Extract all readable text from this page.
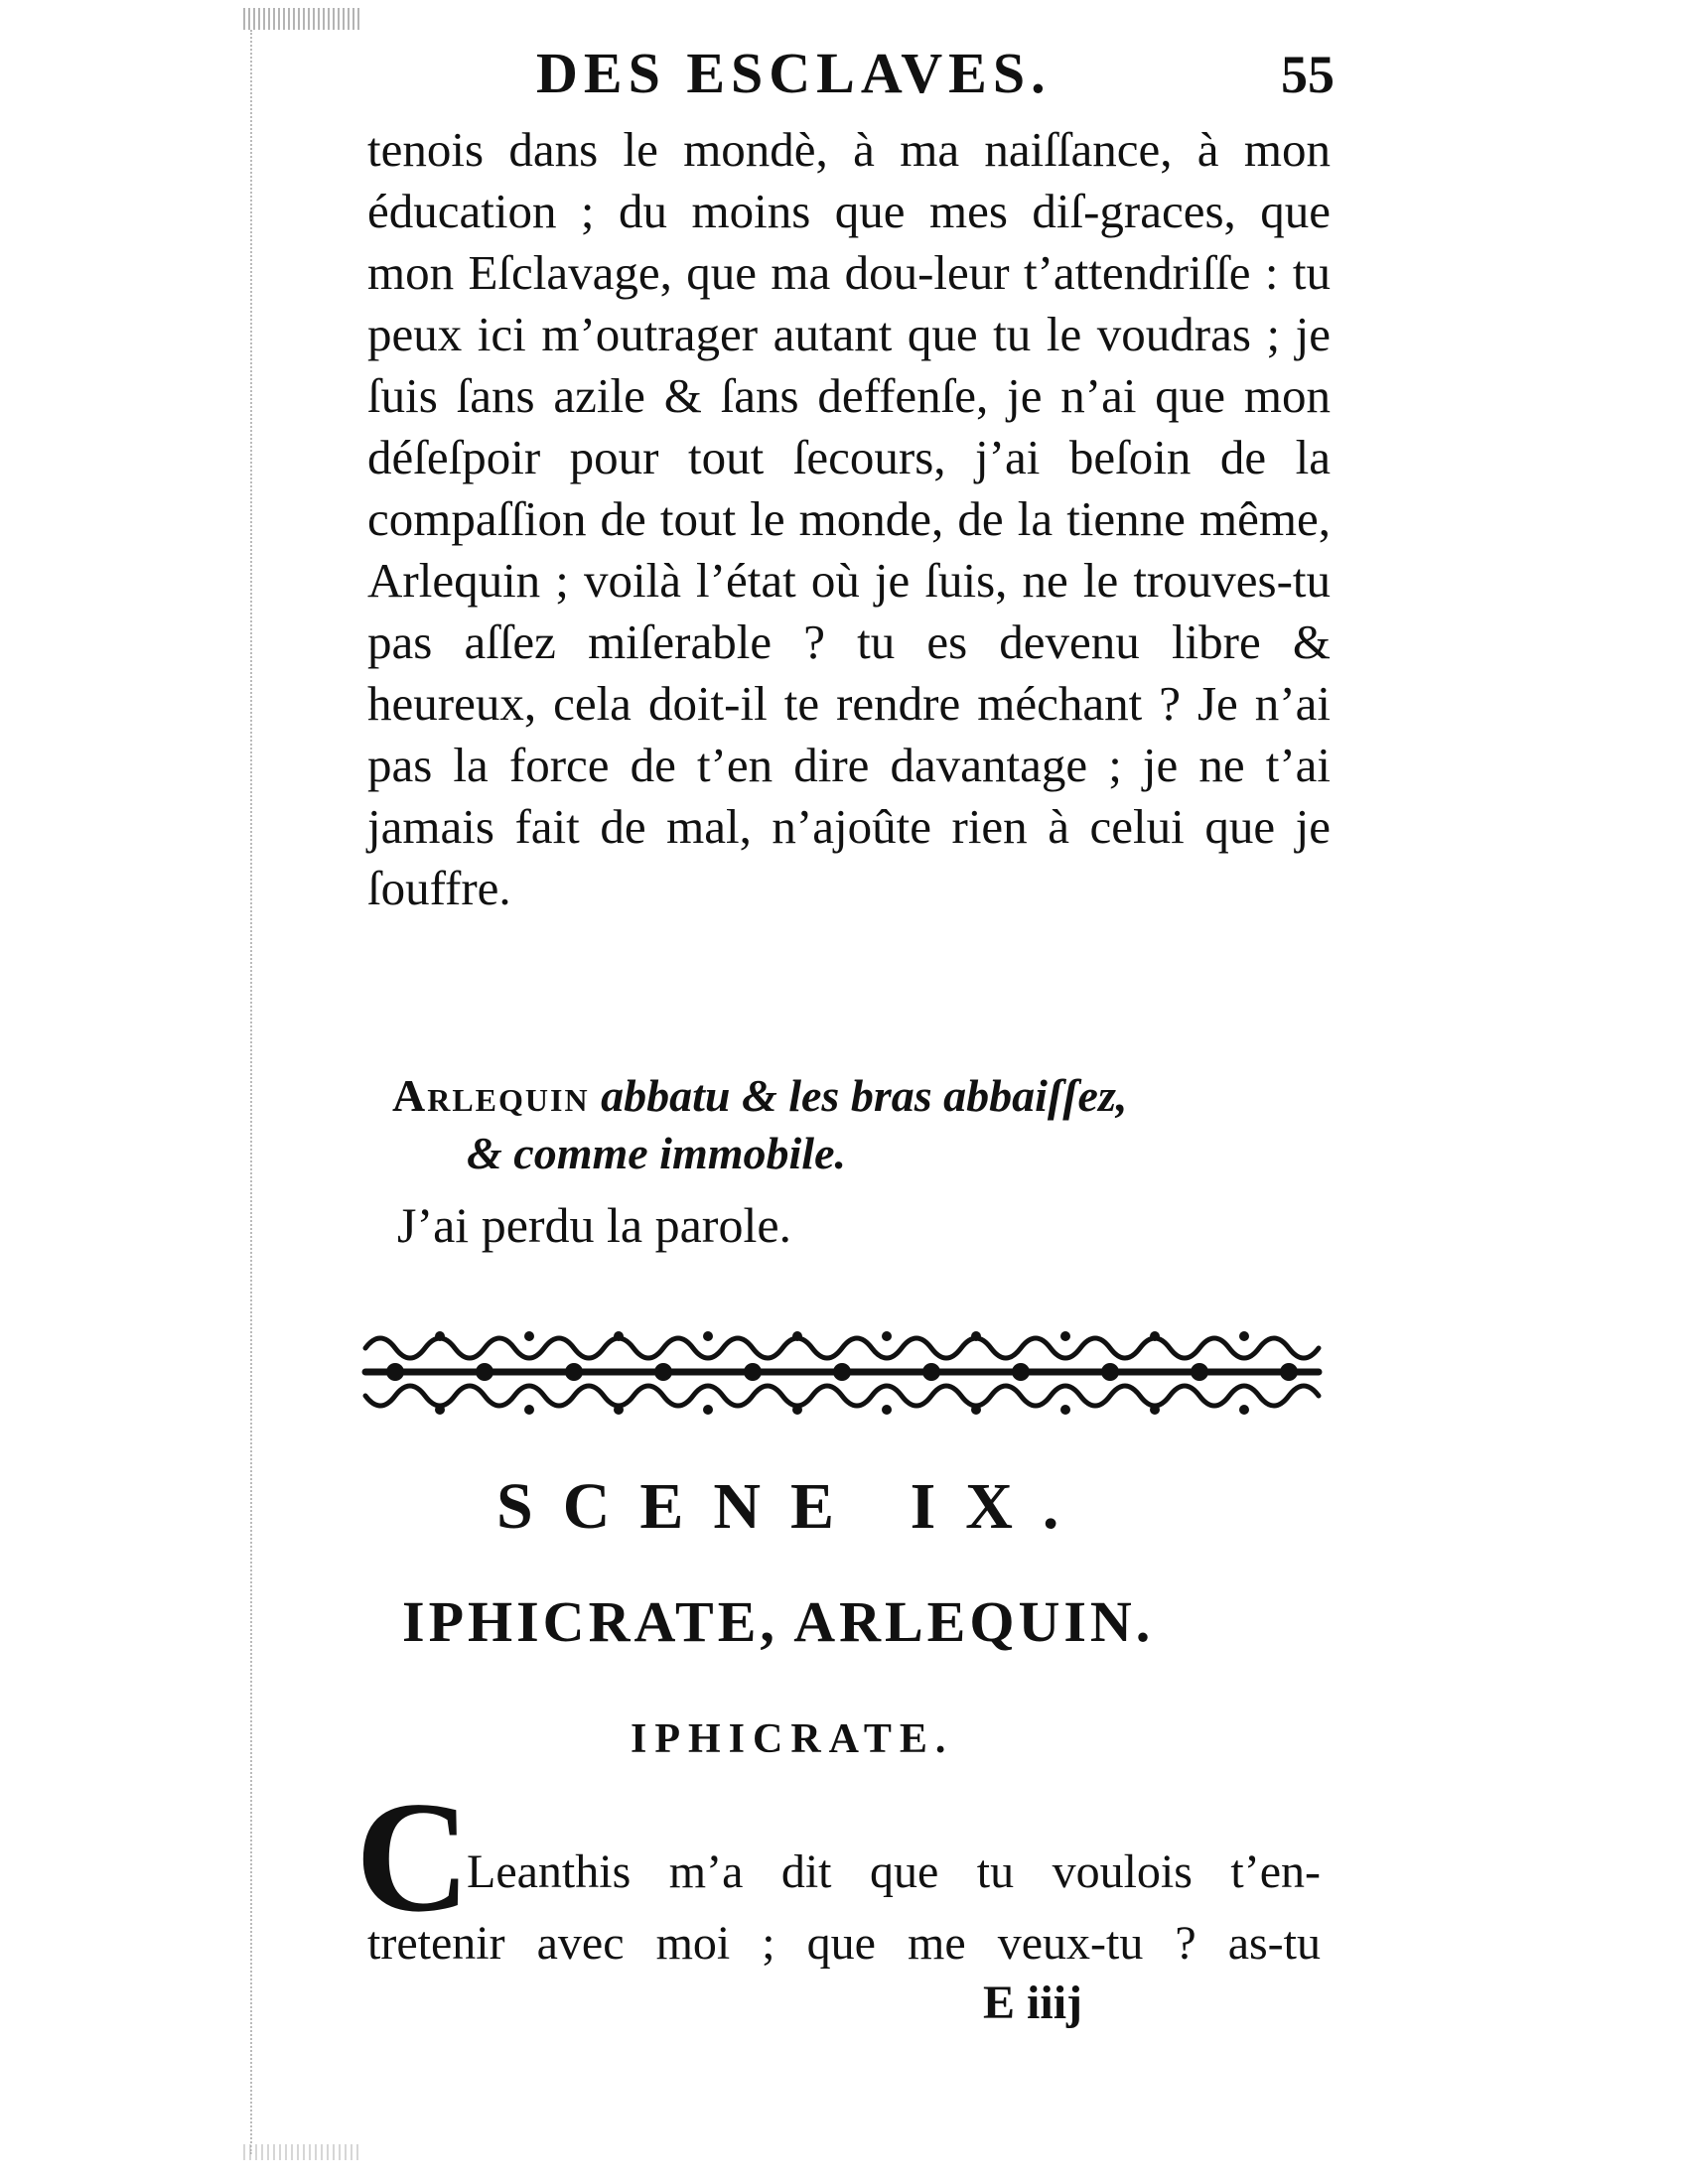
DES ESCLAVES.	55
tenois dans le mondè, à ma naiſſance, à mon éducation ; du moins que mes diſ-graces, que mon Eſclavage, que ma dou-leur t’attendriſſe : tu peux ici m’outrager autant que tu le voudras ; je ſuis ſans azile & ſans deffenſe, je n’ai que mon déſeſpoir pour tout ſecours, j’ai beſoin de la compaſſion de tout le monde, de la tienne même, Arlequin ; voilà l’état où je ſuis, ne le trouves-tu pas aſſez miſerable ? tu es devenu libre & heureux, cela doit-il te rendre méchant ? Je n’ai pas la force de t’en dire davantage ; je ne t’ai jamais fait de mal, n’ajoûte rien à celui que je ſouffre.
Arlequin abbatu & les bras abbaiſſez,
& comme immobile.
J’ai perdu la parole.
SCENE IX.
IPHICRATE, ARLEQUIN.
IPHICRATE.
C
Leanthis m’a dit que tu voulois t’en-
tretenir avec moi ; que me veux-tu ? as-tu
E iiij
